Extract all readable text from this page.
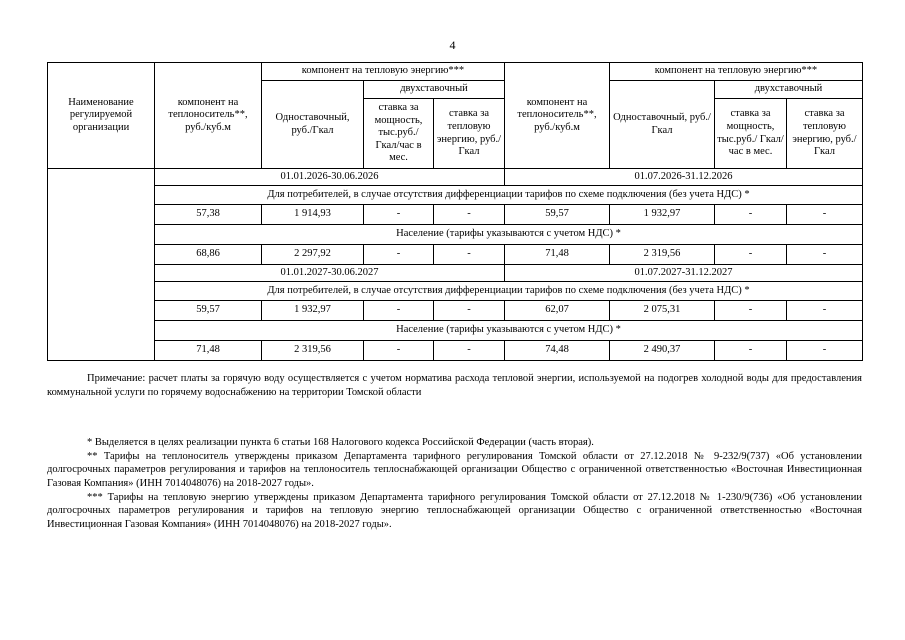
4
Наименование регулируемой организации	компонент на теплоноситель**, руб./куб.м	компонент на тепловую энергию***			компонент на теплоноситель**, руб./куб.м	компонент на тепловую энергию***		
		Одноставочный, руб./Гкал	двухставочный			Одноставочный, руб./Гкал	двухставочный	
			ставка за мощность, тыс.руб./ Гкал/час в мес.	ставка за тепловую энергию, руб./Гкал			ставка за мощность, тыс.руб./ Гкал/час в мес.	ставка за тепловую энергию, руб./Гкал
	01.01.2026-30.06.2026				01.07.2026-31.12.2026			
	Для потребителей, в случае отсутствия дифференциации тарифов по схеме подключения (без учета НДС) *							
	57,38	1 914,93	-	-	59,57	1 932,97	-	-
	Население (тарифы указываются с учетом НДС) *							
	68,86	2 297,92	-	-	71,48	2 319,56	-	-
	01.01.2027-30.06.2027				01.07.2027-31.12.2027			
	Для потребителей, в случае отсутствия дифференциации тарифов по схеме подключения (без учета НДС) *							
	59,57	1 932,97	-	-	62,07	2 075,31	-	-
	Население (тарифы указываются с учетом НДС) *							
	71,48	2 319,56	-	-	74,48	2 490,37	-	-

Примечание: расчет платы за горячую воду осуществляется с учетом норматива расхода тепловой энергии, используемой на подогрев холодной воды для предоставления коммунальной услуги по горячему водоснабжению на территории Томской области

* Выделяется в целях реализации пункта 6 статьи 168 Налогового кодекса Российской Федерации (часть вторая).

** Тарифы на теплоноситель утверждены приказом Департамента тарифного регулирования Томской области от 27.12.2018 № 9-232/9(737) «Об установлении долгосрочных параметров регулирования и тарифов на теплоноситель теплоснабжающей организации Общество с ограниченной ответственностью «Восточная Инвестиционная Газовая Компания» (ИНН 7014048076) на 2018-2027 годы».

*** Тарифы на тепловую энергию утверждены приказом Департамента тарифного регулирования Томской области от 27.12.2018 № 1-230/9(736) «Об установлении долгосрочных параметров регулирования и тарифов на тепловую энергию теплоснабжающей организации Общество с ограниченной ответственностью «Восточная Инвестиционная Газовая Компания» (ИНН 7014048076) на 2018-2027 годы».
